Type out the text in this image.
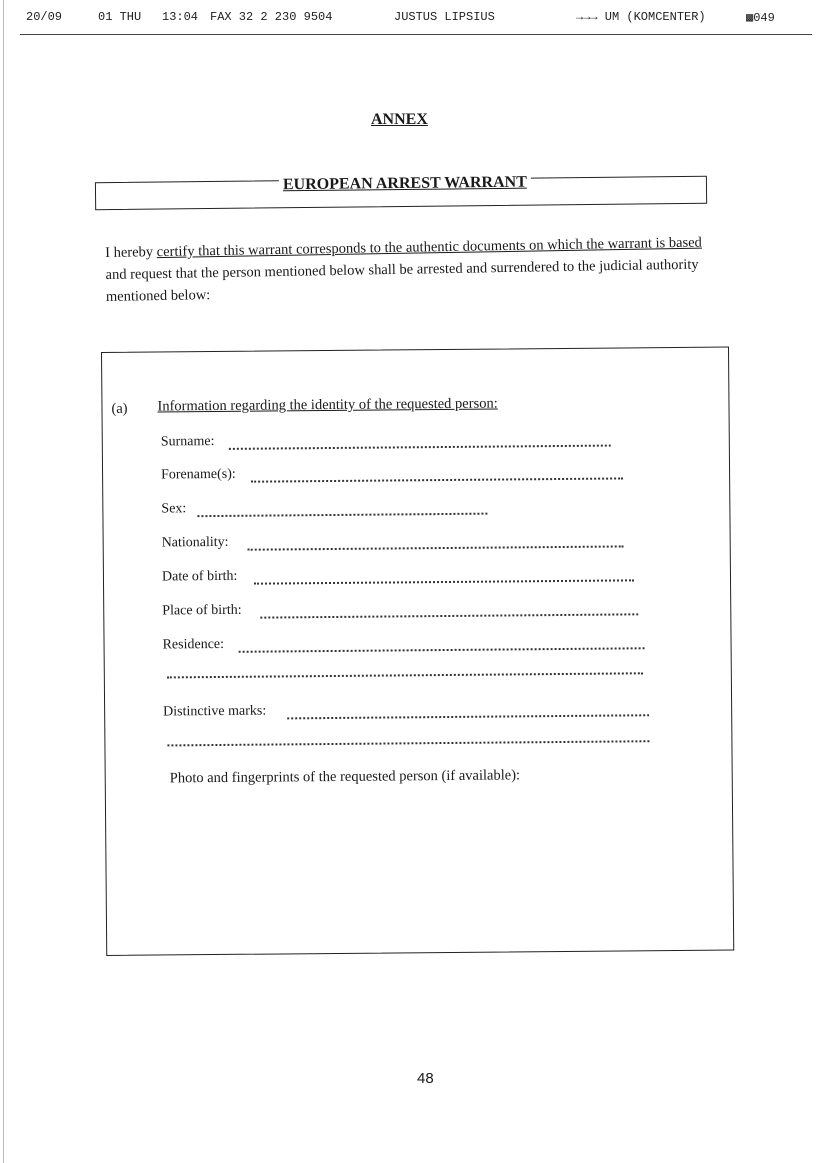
20/09	01 THU 13:04 FAX 32 2 230 9504	JUSTUS LIPSIUS	→→→ UM (KOMCENTER)	▩049
ANNEX
EUROPEAN ARREST WARRANT

I hereby certify that this warrant corresponds to the authentic documents on which the warrant is based and request that the person mentioned below shall be arrested and surrendered to the judicial authority mentioned below:

(a) Information regarding the identity of the requested person:
Surname:
Forename(s):
Sex:
Nationality:
Date of birth:
Place of birth:
Residence:
Distinctive marks:
Photo and fingerprints of the requested person (if available):
48
